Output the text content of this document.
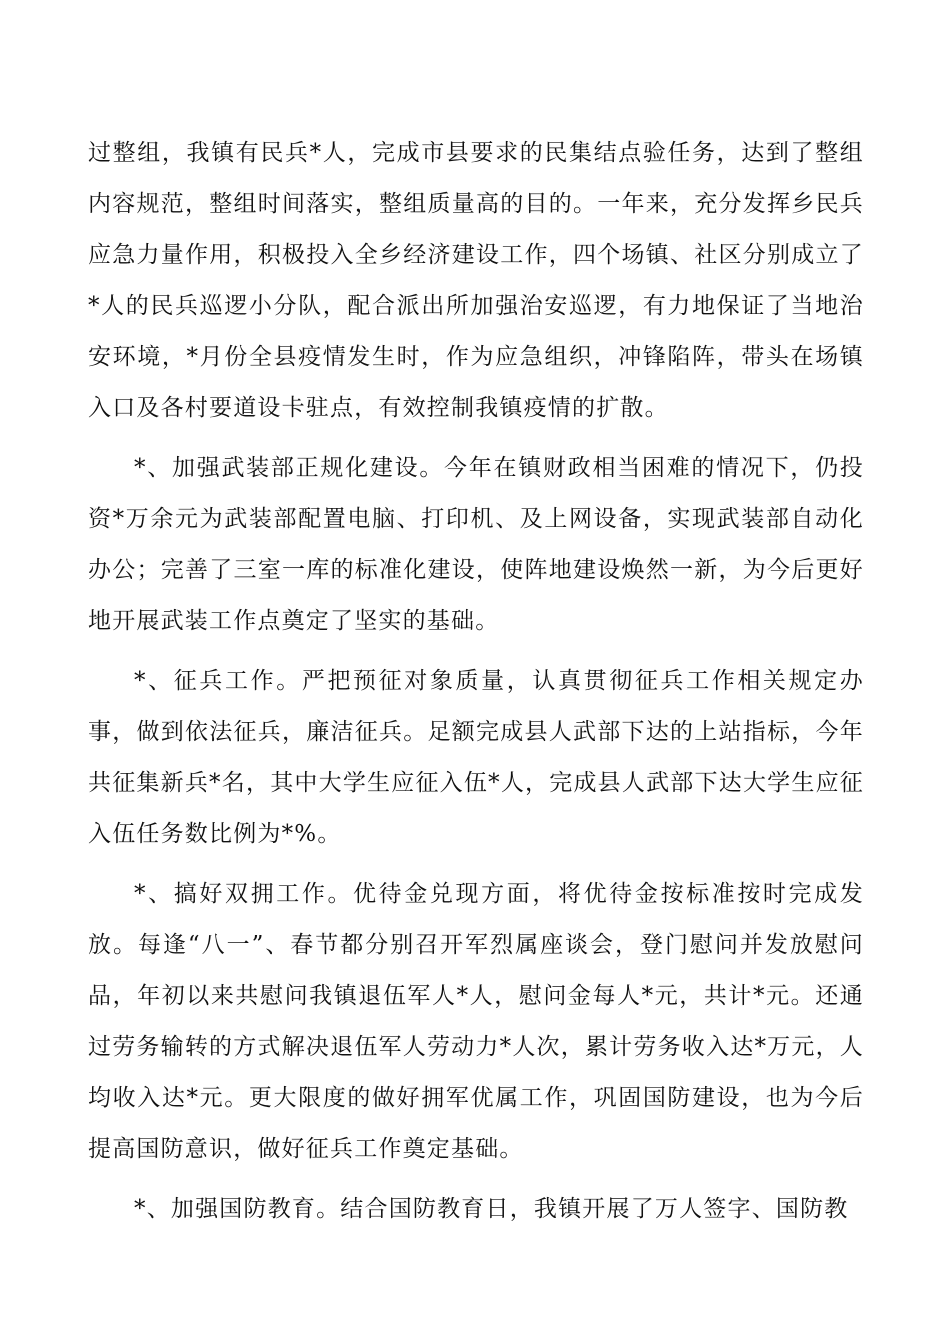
过整组，我镇有民兵*人，完成市县要求的民集结点验任务，达到了整组内容规范，整组时间落实，整组质量高的目的。一年来，充分发挥乡民兵应急力量作用，积极投入全乡经济建设工作，四个场镇、社区分别成立了*人的民兵巡逻小分队，配合派出所加强治安巡逻，有力地保证了当地治安环境，*月份全县疫情发生时，作为应急组织，冲锋陷阵，带头在场镇入口及各村要道设卡驻点，有效控制我镇疫情的扩散。

*、加强武装部正规化建设。今年在镇财政相当困难的情况下，仍投资*万余元为武装部配置电脑、打印机、及上网设备，实现武装部自动化办公；完善了三室一库的标准化建设，使阵地建设焕然一新，为今后更好地开展武装工作点奠定了坚实的基础。

*、征兵工作。严把预征对象质量，认真贯彻征兵工作相关规定办事，做到依法征兵，廉洁征兵。足额完成县人武部下达的上站指标，今年共征集新兵*名，其中大学生应征入伍*人，完成县人武部下达大学生应征入伍任务数比例为*%。

*、搞好双拥工作。优待金兑现方面，将优待金按标准按时完成发放。每逢“八一”、春节都分别召开军烈属座谈会，登门慰问并发放慰问品，年初以来共慰问我镇退伍军人*人，慰问金每人*元，共计*元。还通过劳务输转的方式解决退伍军人劳动力*人次，累计劳务收入达*万元，人均收入达*元。更大限度的做好拥军优属工作，巩固国防建设，也为今后提高国防意识，做好征兵工作奠定基础。

*、加强国防教育。结合国防教育日，我镇开展了万人签字、国防教
